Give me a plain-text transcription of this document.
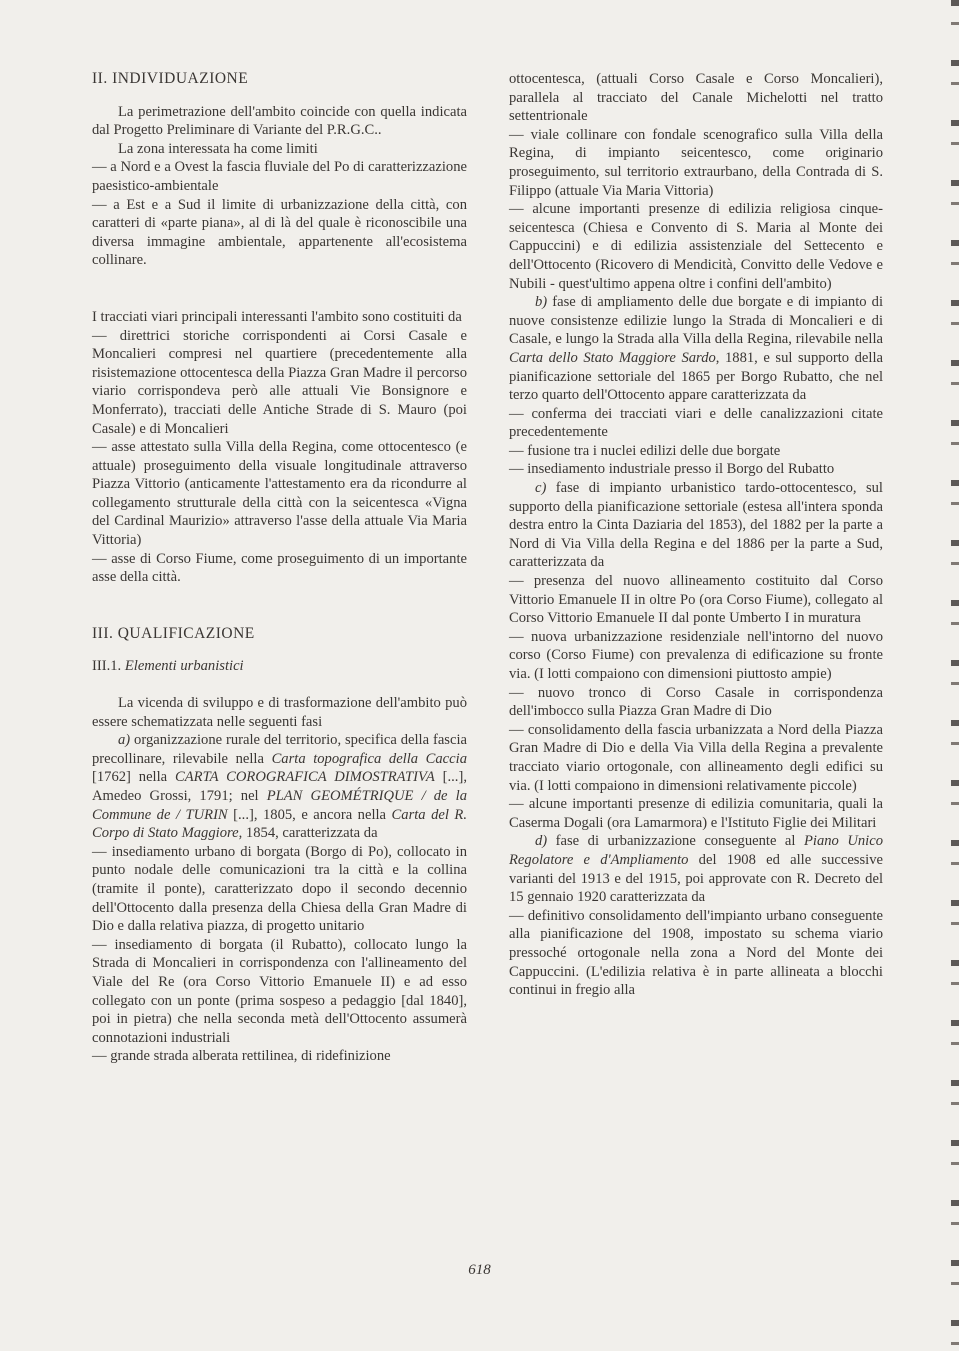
II. INDIVIDUAZIONE

La perimetrazione dell'ambito coincide con quella indicata dal Progetto Preliminare di Variante del P.R.G.C..

La zona interessata ha come limiti

— a Nord e a Ovest la fascia fluviale del Po di caratterizzazione paesistico-ambientale

— a Est e a Sud il limite di urbanizzazione della città, con caratteri di «parte piana», al di là del quale è riconoscibile una diversa immagine ambientale, appartenente all'ecosistema collinare.

I tracciati viari principali interessanti l'ambito sono costituiti da

— direttrici storiche corrispondenti ai Corsi Casale e Moncalieri compresi nel quartiere (precedentemente alla risistemazione ottocentesca della Piazza Gran Madre il percorso viario corrispondeva però alle attuali Vie Bonsignore e Monferrato), tracciati delle Antiche Strade di S. Mauro (poi Casale) e di Moncalieri

— asse attestato sulla Villa della Regina, come ottocentesco (e attuale) proseguimento della visuale longitudinale attraverso Piazza Vittorio (anticamente l'attestamento era da ricondurre al collegamento strutturale della città con la seicentesca «Vigna del Cardinal Maurizio» attraverso l'asse della attuale Via Maria Vittoria)

— asse di Corso Fiume, come proseguimento di un importante asse della città.

III. QUALIFICAZIONE
III.1. Elementi urbanistici

La vicenda di sviluppo e di trasformazione dell'ambito può essere schematizzata nelle seguenti fasi

a) organizzazione rurale del territorio, specifica della fascia precollinare, rilevabile nella Carta topografica della Caccia [1762] nella CARTA COROGRAFICA DIMOSTRATIVA [...], Amedeo Grossi, 1791; nel PLAN GEOMÉTRIQUE / de la Commune de / TURIN [...], 1805, e ancora nella Carta del R. Corpo di Stato Maggiore, 1854, caratterizzata da

— insediamento urbano di borgata (Borgo di Po), collocato in punto nodale delle comunicazioni tra la città e la collina (tramite il ponte), caratterizzato dopo il secondo decennio dell'Ottocento dalla presenza della Chiesa della Gran Madre di Dio e dalla relativa piazza, di progetto unitario

— insediamento di borgata (il Rubatto), collocato lungo la Strada di Moncalieri in corrispondenza con l'allineamento del Viale del Re (ora Corso Vittorio Emanuele II) e ad esso collegato con un ponte (prima sospeso a pedaggio [dal 1840], poi in pietra) che nella seconda metà dell'Ottocento assumerà connotazioni industriali

— grande strada alberata rettilinea, di ridefinizione

ottocentesca, (attuali Corso Casale e Corso Moncalieri), parallela al tracciato del Canale Michelotti nel tratto settentrionale

— viale collinare con fondale scenografico sulla Villa della Regina, di impianto seicentesco, come originario proseguimento, sul territorio extraurbano, della Contrada di S. Filippo (attuale Via Maria Vittoria)

— alcune importanti presenze di edilizia religiosa cinque-seicentesca (Chiesa e Convento di S. Maria al Monte dei Cappuccini) e di edilizia assistenziale del Settecento e dell'Ottocento (Ricovero di Mendicità, Convitto delle Vedove e Nubili - quest'ultimo appena oltre i confini dell'ambito)

b) fase di ampliamento delle due borgate e di impianto di nuove consistenze edilizie lungo la Strada di Moncalieri e di Casale, e lungo la Strada alla Villa della Regina, rilevabile nella Carta dello Stato Maggiore Sardo, 1881, e sul supporto della pianificazione settoriale del 1865 per Borgo Rubatto, che nel terzo quarto dell'Ottocento appare caratterizzata da

— conferma dei tracciati viari e delle canalizzazioni citate precedentemente

— fusione tra i nuclei edilizi delle due borgate

— insediamento industriale presso il Borgo del Rubatto

c) fase di impianto urbanistico tardo-ottocentesco, sul supporto della pianificazione settoriale (estesa all'intera sponda destra entro la Cinta Daziaria del 1853), del 1882 per la parte a Nord di Via Villa della Regina e del 1886 per la parte a Sud, caratterizzata da

— presenza del nuovo allineamento costituito dal Corso Vittorio Emanuele II in oltre Po (ora Corso Fiume), collegato al Corso Vittorio Emanuele II dal ponte Umberto I in muratura

— nuova urbanizzazione residenziale nell'intorno del nuovo corso (Corso Fiume) con prevalenza di edificazione su fronte via. (I lotti compaiono con dimensioni piuttosto ampie)

— nuovo tronco di Corso Casale in corrispondenza dell'imbocco sulla Piazza Gran Madre di Dio

— consolidamento della fascia urbanizzata a Nord della Piazza Gran Madre di Dio e della Via Villa della Regina a prevalente tracciato viario ortogonale, con allineamento degli edifici su via. (I lotti compaiono in dimensioni relativamente piccole)

— alcune importanti presenze di edilizia comunitaria, quali la Caserma Dogali (ora Lamarmora) e l'Istituto Figlie dei Militari

d) fase di urbanizzazione conseguente al Piano Unico Regolatore e d'Ampliamento del 1908 ed alle successive varianti del 1913 e del 1915, poi approvate con R. Decreto del 15 gennaio 1920 caratterizzata da

— definitivo consolidamento dell'impianto urbano conseguente alla pianificazione del 1908, impostato su schema viario pressoché ortogonale nella zona a Nord del Monte dei Cappuccini. (L'edilizia relativa è in parte allineata a blocchi continui in fregio alla

618
